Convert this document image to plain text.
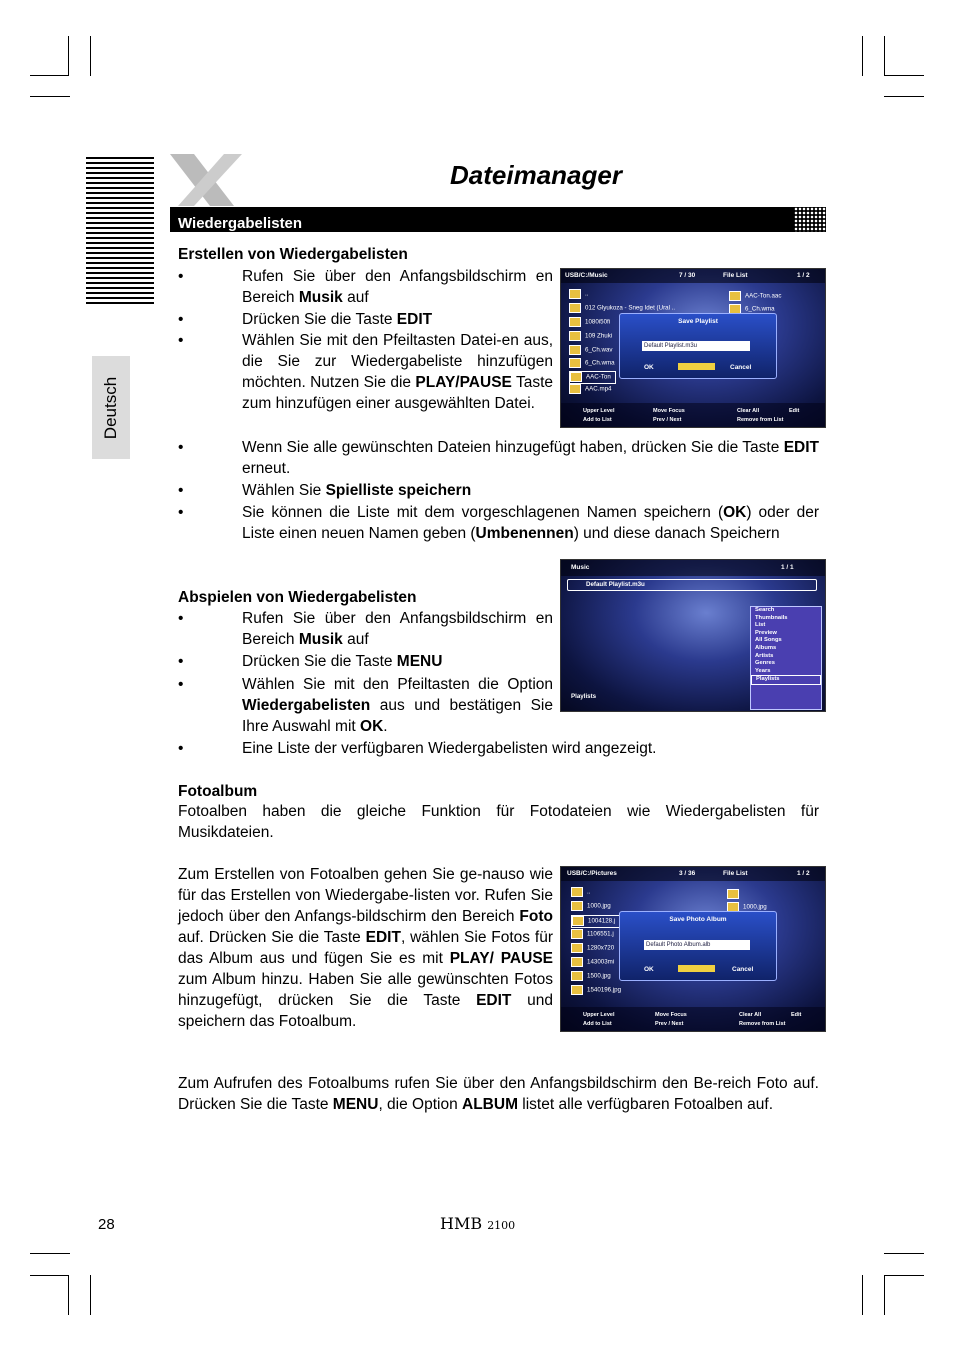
Dateimanager
Wiedergabelisten
Deutsch
Erstellen von Wiedergabelisten
•	Rufen Sie über den Anfangsbildschirm en Bereich Musik auf
•	Drücken Sie die Taste EDIT
•	Wählen Sie mit den Pfeiltasten Datei-en aus, die Sie zur Wiedergabeliste hinzufügen möchten. Nutzen Sie die PLAY/PAUSE Taste zum hinzufügen einer ausgewählten Datei.
•	Wenn Sie alle gewünschten Dateien hinzugefügt haben, drücken Sie die Taste EDIT erneut.
•	Wählen Sie Spielliste speichern
•	Sie können die Liste mit dem vorgeschlagenen Namen speichern (OK) oder der Liste einen neuen Namen geben (Umbenennen) und diese danach Speichern
USB/C:/Music	7 / 30	File List	1 / 2
..
012 Glyukoza - Sneg Idet (Ural ..
1080i50fi
109 Zhuki
6_Ch.wav
6_Ch.wma
AAC-Ton
AAC.mp4
AAC-Ton.aac
6_Ch.wma
Save Playlist
Default Playlist.m3u
OK	Rename	Cancel
Upper Level
Add to List
Move Focus
Prev / Next
Clear All
Remove from List
Edit
Abspielen von Wiedergabelisten
•	Rufen Sie über den Anfangsbildschirm en Bereich Musik auf
•	Drücken Sie die Taste MENU
•	Wählen Sie mit den Pfeiltasten die Option Wiedergabelisten aus und bestätigen Sie Ihre Auswahl mit OK.
•	Eine Liste der verfügbaren Wiedergabelisten wird angezeigt.
Music	1 / 1
Default Playlist.m3u
Search
Thumbnails
List
Preview
All Songs
Albums
Artists
Genres
Years
Playlists
Playlists
Fotoalbum
Fotoalben haben die gleiche Funktion für Fotodateien wie Wiedergabelisten für Musikdateien.
Zum Erstellen von Fotoalben gehen Sie ge-nauso wie für das Erstellen von Wiedergabe-listen vor. Rufen Sie jedoch über den Anfangs-bildschirm den Bereich Foto auf. Drücken Sie die Taste EDIT, wählen Sie Fotos für das Album aus und fügen Sie es mit PLAY/ PAUSE zum Album hinzu. Haben Sie alle gewünschten Fotos hinzugefügt, drücken Sie die Taste EDIT und speichern das Fotoalbum.
Zum Aufrufen des Fotoalbums rufen Sie über den Anfangsbildschirm den Be-reich Foto auf. Drücken Sie die Taste MENU, die Option ALBUM listet alle verfügbaren Fotoalben auf.
USB/C:/Pictures	3 / 36	File List	1 / 2
..
1000.jpg
1004128.j
1106551.j
1280x720
143003mi
1500.jpg
1540196.jpg
1000.jpg
Save Photo Album
Default Photo Album.alb
OK	Rename	Cancel
Upper Level
Add to List
Move Focus
Prev / Next
Clear All
Remove from List
Edit
28	HMB 2100
